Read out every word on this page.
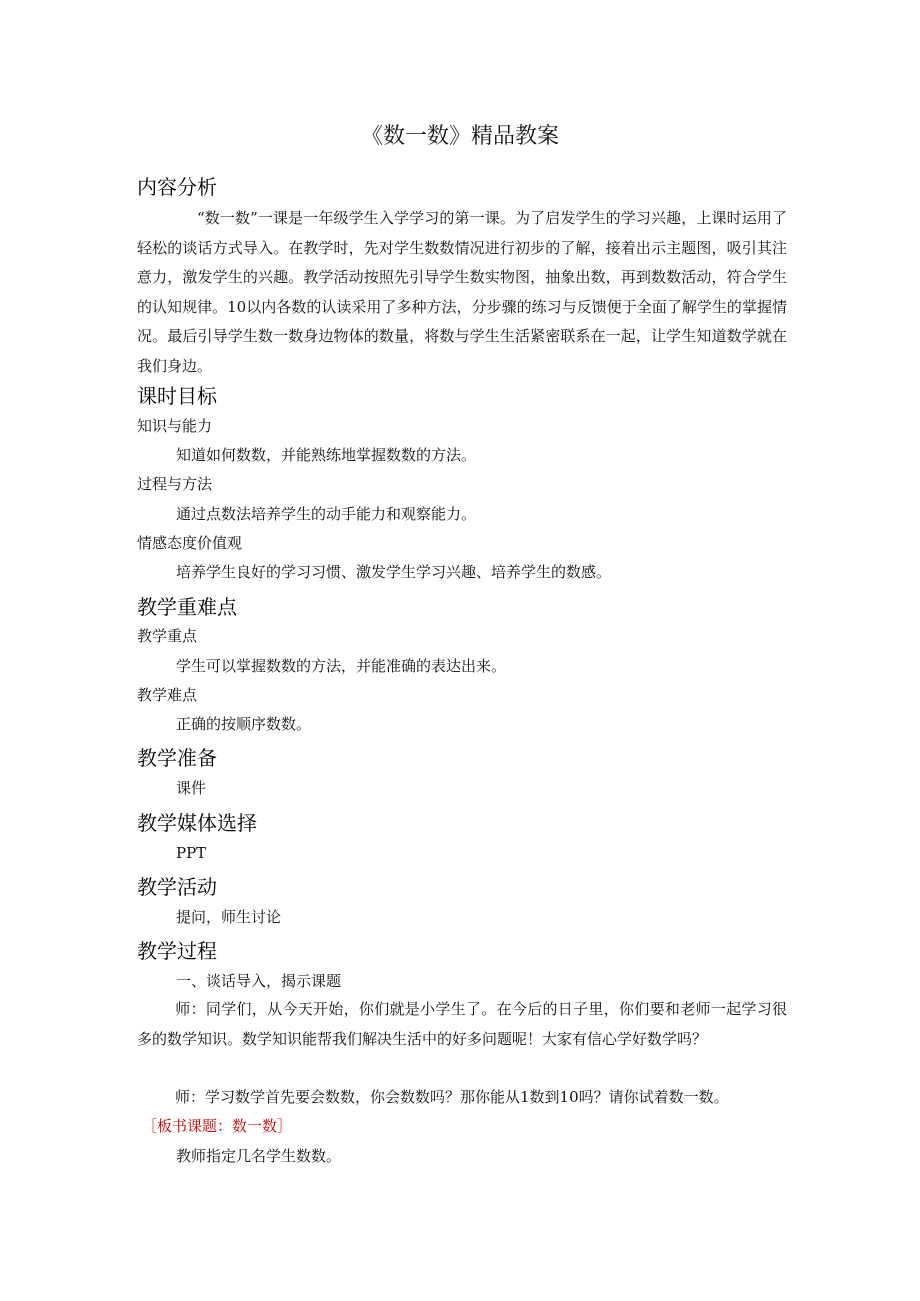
《数一数》精品教案
内容分析
“数一数”一课是一年级学生入学学习的第一课。为了启发学生的学习兴趣，上课时运用了轻松的谈话方式导入。在教学时，先对学生数数情况进行初步的了解，接着出示主题图，吸引其注意力，激发学生的兴趣。教学活动按照先引导学生数实物图，抽象出数，再到数数活动，符合学生的认知规律。10以内各数的认读采用了多种方法，分步骤的练习与反馈便于全面了解学生的掌握情况。最后引导学生数一数身边物体的数量，将数与学生生活紧密联系在一起，让学生知道数学就在我们身边。
课时目标
知识与能力
知道如何数数，并能熟练地掌握数数的方法。
过程与方法
通过点数法培养学生的动手能力和观察能力。
情感态度价值观
培养学生良好的学习习惯、激发学生学习兴趣、培养学生的数感。
教学重难点
教学重点
学生可以掌握数数的方法，并能准确的表达出来。
教学难点
正确的按顺序数数。
教学准备
课件
教学媒体选择
PPT
教学活动
提问，师生讨论
教学过程
一、谈话导入，揭示课题
师：同学们，从今天开始，你们就是小学生了。在今后的日子里，你们要和老师一起学习很多的数学知识。数学知识能帮我们解决生活中的好多问题呢！大家有信心学好数学吗？
师：学习数学首先要会数数，你会数数吗？那你能从1数到10吗？请你试着数一数。
［板书课题：数一数］
教师指定几名学生数数。
